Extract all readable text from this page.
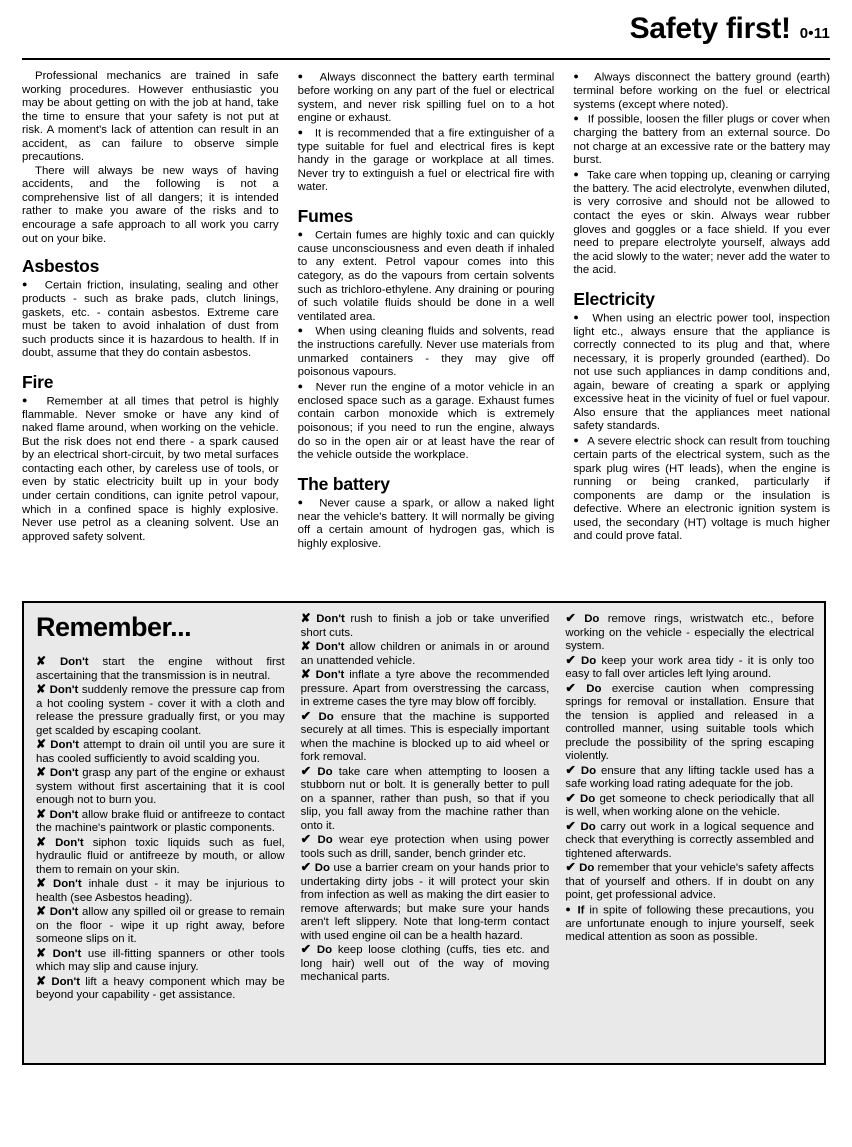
Safety first! 0•11

Professional mechanics are trained in safe working procedures. However enthusiastic you may be about getting on with the job at hand, take the time to ensure that your safety is not put at risk. A moment's lack of attention can result in an accident, as can failure to observe simple precautions.

There will always be new ways of having accidents, and the following is not a comprehensive list of all dangers; it is intended rather to make you aware of the risks and to encourage a safe approach to all work you carry out on your bike.

Asbestos

● Certain friction, insulating, sealing and other products - such as brake pads, clutch linings, gaskets, etc. - contain asbestos. Extreme care must be taken to avoid inhalation of dust from such products since it is hazardous to health. If in doubt, assume that they do contain asbestos.

Fire

● Remember at all times that petrol is highly flammable. Never smoke or have any kind of naked flame around, when working on the vehicle. But the risk does not end there - a spark caused by an electrical short-circuit, by two metal surfaces contacting each other, by careless use of tools, or even by static electricity built up in your body under certain conditions, can ignite petrol vapour, which in a confined space is highly explosive. Never use petrol as a cleaning solvent. Use an approved safety solvent.

● Always disconnect the battery earth terminal before working on any part of the fuel or electrical system, and never risk spilling fuel on to a hot engine or exhaust.

● It is recommended that a fire extinguisher of a type suitable for fuel and electrical fires is kept handy in the garage or workplace at all times. Never try to extinguish a fuel or electrical fire with water.

Fumes

● Certain fumes are highly toxic and can quickly cause unconsciousness and even death if inhaled to any extent. Petrol vapour comes into this category, as do the vapours from certain solvents such as trichloro-ethylene. Any draining or pouring of such volatile fluids should be done in a well ventilated area.

● When using cleaning fluids and solvents, read the instructions carefully. Never use materials from unmarked containers - they may give off poisonous vapours.

● Never run the engine of a motor vehicle in an enclosed space such as a garage. Exhaust fumes contain carbon monoxide which is extremely poisonous; if you need to run the engine, always do so in the open air or at least have the rear of the vehicle outside the workplace.

The battery

● Never cause a spark, or allow a naked light near the vehicle's battery. It will normally be giving off a certain amount of hydrogen gas, which is highly explosive.

● Always disconnect the battery ground (earth) terminal before working on the fuel or electrical systems (except where noted).

● If possible, loosen the filler plugs or cover when charging the battery from an external source. Do not charge at an excessive rate or the battery may burst.

● Take care when topping up, cleaning or carrying the battery. The acid electrolyte, evenwhen diluted, is very corrosive and should not be allowed to contact the eyes or skin. Always wear rubber gloves and goggles or a face shield. If you ever need to prepare electrolyte yourself, always add the acid slowly to the water; never add the water to the acid.

Electricity

● When using an electric power tool, inspection light etc., always ensure that the appliance is correctly connected to its plug and that, where necessary, it is properly grounded (earthed). Do not use such appliances in damp conditions and, again, beware of creating a spark or applying excessive heat in the vicinity of fuel or fuel vapour. Also ensure that the appliances meet national safety standards.

● A severe electric shock can result from touching certain parts of the electrical system, such as the spark plug wires (HT leads), when the engine is running or being cranked, particularly if components are damp or the insulation is defective. Where an electronic ignition system is used, the secondary (HT) voltage is much higher and could prove fatal.

Remember...

✘ Don't start the engine without first ascertaining that the transmission is in neutral.

✘ Don't suddenly remove the pressure cap from a hot cooling system - cover it with a cloth and release the pressure gradually first, or you may get scalded by escaping coolant.

✘ Don't attempt to drain oil until you are sure it has cooled sufficiently to avoid scalding you.

✘ Don't grasp any part of the engine or exhaust system without first ascertaining that it is cool enough not to burn you.

✘ Don't allow brake fluid or antifreeze to contact the machine's paintwork or plastic components.

✘ Don't siphon toxic liquids such as fuel, hydraulic fluid or antifreeze by mouth, or allow them to remain on your skin.

✘ Don't inhale dust - it may be injurious to health (see Asbestos heading).

✘ Don't allow any spilled oil or grease to remain on the floor - wipe it up right away, before someone slips on it.

✘ Don't use ill-fitting spanners or other tools which may slip and cause injury.

✘ Don't lift a heavy component which may be beyond your capability - get assistance.

✘ Don't rush to finish a job or take unverified short cuts.

✘ Don't allow children or animals in or around an unattended vehicle.

✘ Don't inflate a tyre above the recommended pressure. Apart from overstressing the carcass, in extreme cases the tyre may blow off forcibly.

✔ Do ensure that the machine is supported securely at all times. This is especially important when the machine is blocked up to aid wheel or fork removal.

✔ Do take care when attempting to loosen a stubborn nut or bolt. It is generally better to pull on a spanner, rather than push, so that if you slip, you fall away from the machine rather than onto it.

✔ Do wear eye protection when using power tools such as drill, sander, bench grinder etc.

✔ Do use a barrier cream on your hands prior to undertaking dirty jobs - it will protect your skin from infection as well as making the dirt easier to remove afterwards; but make sure your hands aren't left slippery. Note that long-term contact with used engine oil can be a health hazard.

✔ Do keep loose clothing (cuffs, ties etc. and long hair) well out of the way of moving mechanical parts.

✔ Do remove rings, wristwatch etc., before working on the vehicle - especially the electrical system.

✔ Do keep your work area tidy - it is only too easy to fall over articles left lying around.

✔ Do exercise caution when compressing springs for removal or installation. Ensure that the tension is applied and released in a controlled manner, using suitable tools which preclude the possibility of the spring escaping violently.

✔ Do ensure that any lifting tackle used has a safe working load rating adequate for the job.

✔ Do get someone to check periodically that all is well, when working alone on the vehicle.

✔ Do carry out work in a logical sequence and check that everything is correctly assembled and tightened afterwards.

✔ Do remember that your vehicle's safety affects that of yourself and others. If in doubt on any point, get professional advice.

● If in spite of following these precautions, you are unfortunate enough to injure yourself, seek medical attention as soon as possible.
